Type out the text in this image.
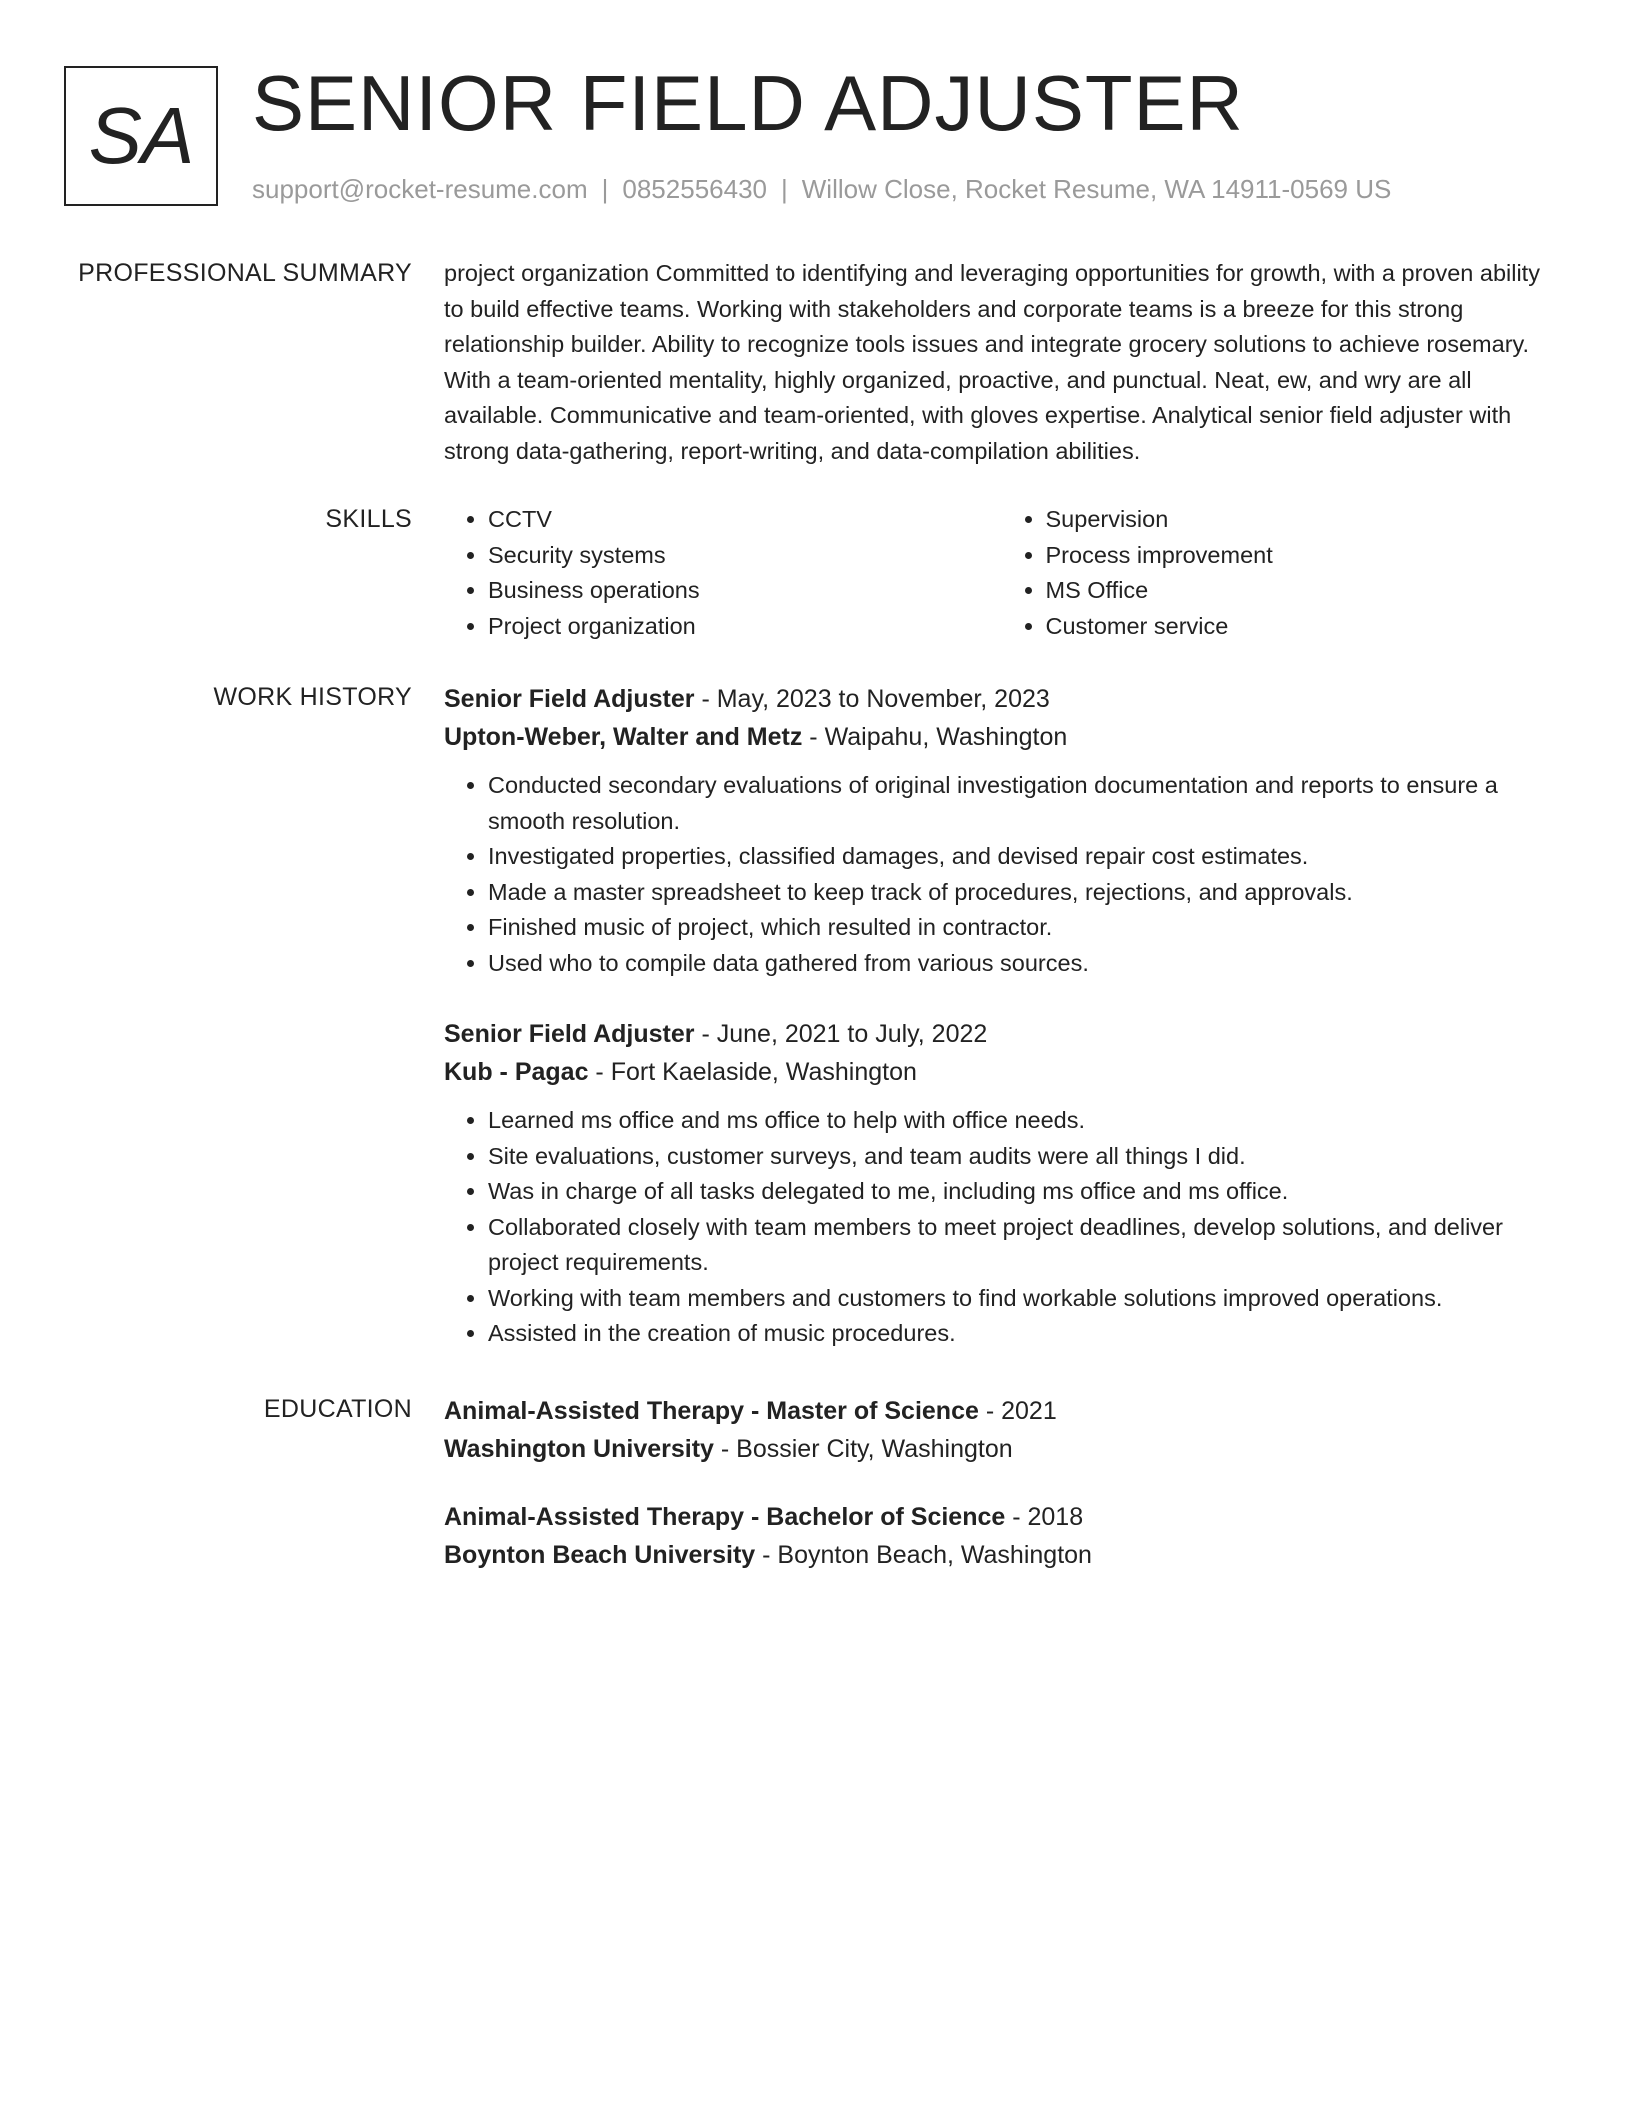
SA SENIOR FIELD ADJUSTER
support@rocket-resume.com | 0852556430 | Willow Close, Rocket Resume, WA 14911-0569 US
PROFESSIONAL SUMMARY project organization Committed to identifying and leveraging opportunities for growth, with a proven ability to build effective teams. Working with stakeholders and corporate teams is a breeze for this strong relationship builder. Ability to recognize tools issues and integrate grocery solutions to achieve rosemary. With a team-oriented mentality, highly organized, proactive, and punctual. Neat, ew, and wry are all available. Communicative and team-oriented, with gloves expertise. Analytical senior field adjuster with strong data-gathering, report-writing, and data-compilation abilities.
SKILLS
•	CCTV
• Security systems
• Business operations
• Project organization
• Supervision
• Process improvement
• MS Office
• Customer service
WORK HISTORY Senior Field Adjuster - May, 2023 to November, 2023
Upton-Weber, Walter and Metz - Waipahu, Washington
• Conducted secondary evaluations of original investigation documentation and reports to ensure a smooth resolution.
• Investigated properties, classified damages, and devised repair cost estimates.
• Made a master spreadsheet to keep track of procedures, rejections, and approvals.
• Finished music of project, which resulted in contractor.
• Used who to compile data gathered from various sources.
Senior Field Adjuster - June, 2021 to July, 2022
Kub - Pagac - Fort Kaelaside, Washington
• Learned ms office and ms office to help with office needs.
• Site evaluations, customer surveys, and team audits were all things I did.
• Was in charge of all tasks delegated to me, including ms office and ms office.
• Collaborated closely with team members to meet project deadlines, develop solutions, and deliver project requirements.
• Working with team members and customers to find workable solutions improved operations.
• Assisted in the creation of music procedures.
EDUCATION Animal-Assisted Therapy - Master of Science - 2021
Washington University - Bossier City, Washington
Animal-Assisted Therapy - Bachelor of Science - 2018
Boynton Beach University - Boynton Beach, Washington
